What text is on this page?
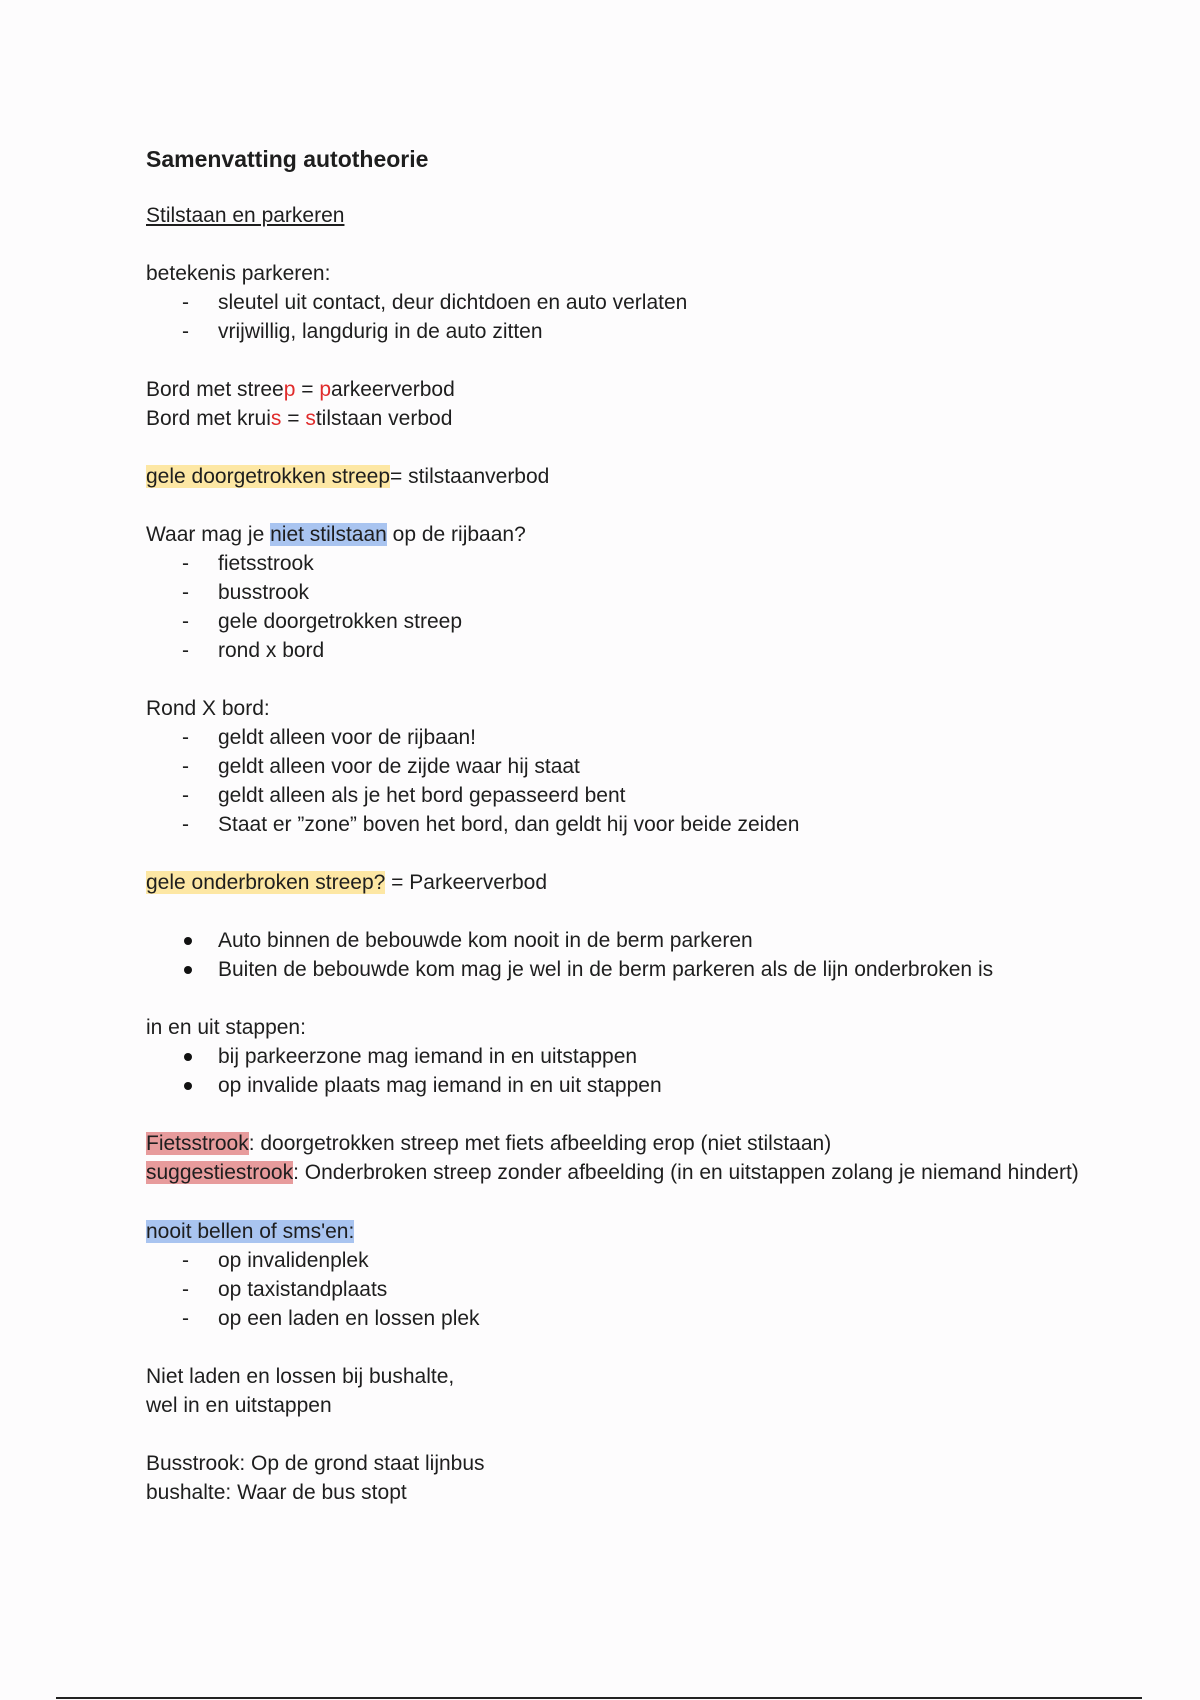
Samenvatting autotheorie
Stilstaan en parkeren
betekenis parkeren:
- sleutel uit contact, deur dichtdoen en auto verlaten
- vrijwillig, langdurig in de auto zitten
Bord met streep = parkeerverbod
Bord met kruis = stilstaan verbod
gele doorgetrokken streep= stilstaanverbod
Waar mag je niet stilstaan op de rijbaan?
- fietsstrook
- busstrook
- gele doorgetrokken streep
- rond x bord
Rond X bord:
- geldt alleen voor de rijbaan!
- geldt alleen voor de zijde waar hij staat
- geldt alleen als je het bord gepasseerd bent
- Staat er ”zone” boven het bord, dan geldt hij voor beide zeiden
gele onderbroken streep? = Parkeerverbod
Auto binnen de bebouwde kom nooit in de berm parkeren
Buiten de bebouwde kom mag je wel in de berm parkeren als de lijn onderbroken is
in en uit stappen:
bij parkeerzone mag iemand in en uitstappen
op invalide plaats mag iemand in en uit stappen
Fietsstrook: doorgetrokken streep met fiets afbeelding erop (niet stilstaan)
suggestiestrook: Onderbroken streep zonder afbeelding (in en uitstappen zolang je niemand hindert)
nooit bellen of sms'en:
- op invalidenplek
- op taxistandplaats
- op een laden en lossen plek
Niet laden en lossen bij bushalte,
wel in en uitstappen
Busstrook: Op de grond staat lijnbus
bushalte: Waar de bus stopt
